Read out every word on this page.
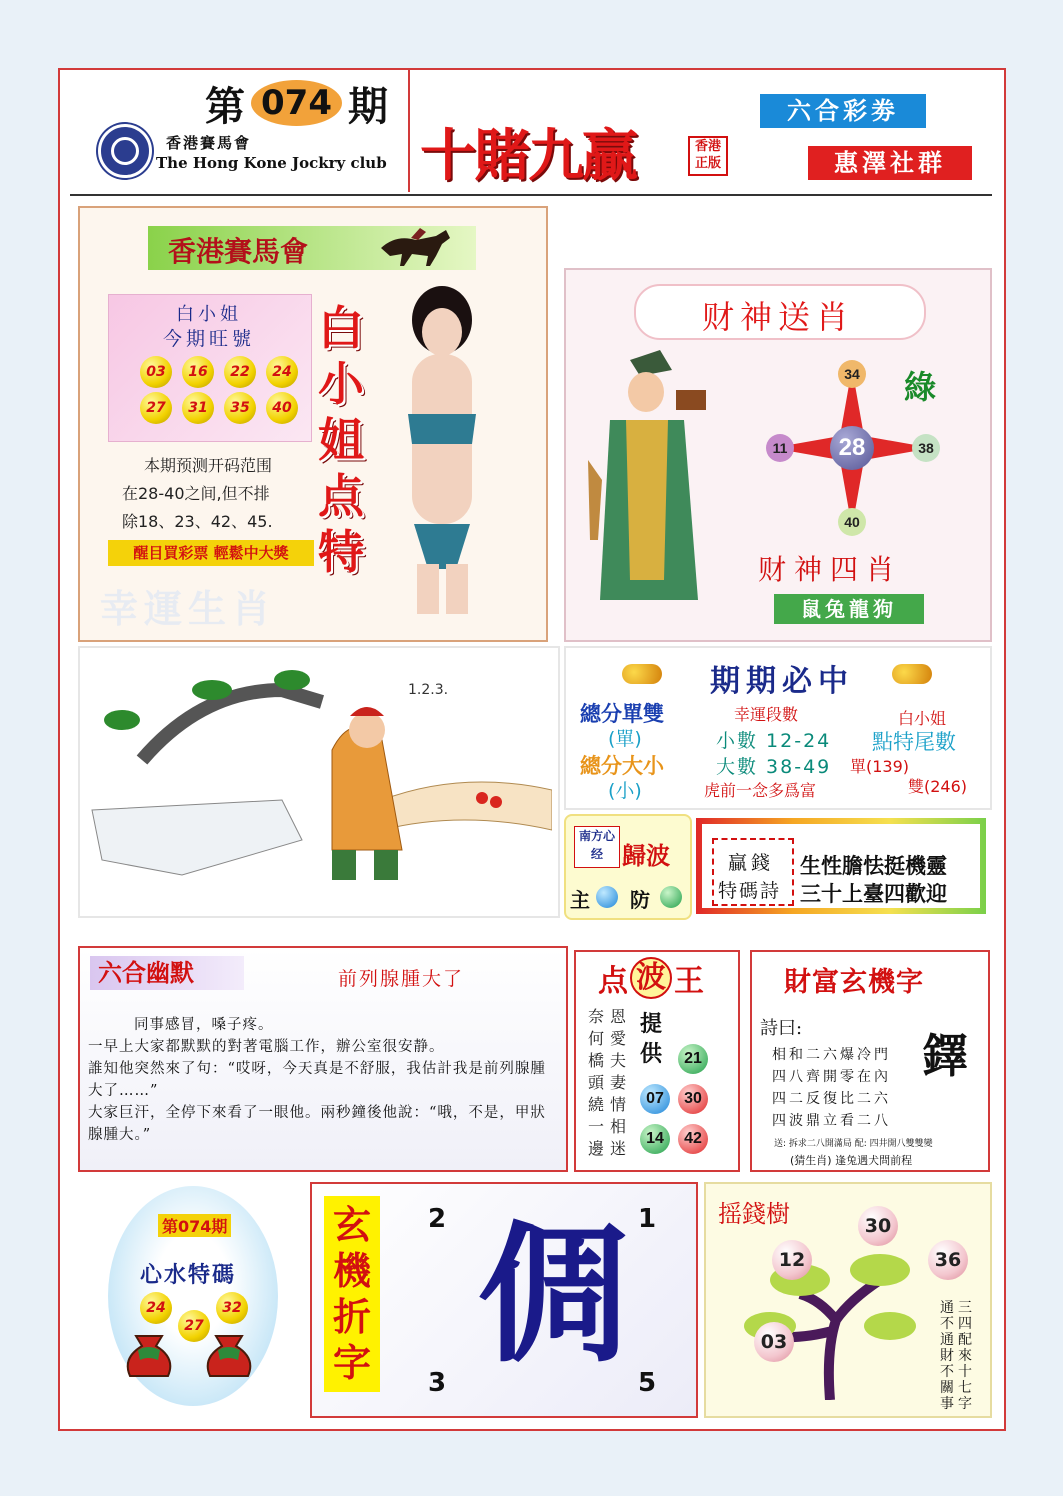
第 074 期
香港賽馬會
The Hong Kone Jockry club 十賭九贏	香港正版
六合彩劵
惠澤社群
香港賽馬會
白小姐
今期旺號
03	16	22	24
27	31	35	40
白小姐点特
本期预测开码范围
在28-40之间,但不排
除18、23、42、45.
醒目買彩票 輕鬆中大獎
幸運生肖
财神送肖
28
34
11	38
40
綠
财神四肖
鼠兔龍狗
1.2.3.	期期必中
總分單雙
(單)
總分大小
(小)
幸運段數
小數 12-24
大數 38-49
虎前一念多爲富
白小姐
點特尾數
單(139)
雙(246)
南方心经 歸波
主 防
贏錢
特碼詩
生性膽怯挺機靈
三十上臺四歡迎
六合幽默	前列腺腫大了
同事感冒，嗓子疼。
一早上大家都默默的對著電腦工作，辦公室很安静。
誰知他突然來了句：“哎呀，今天真是不舒服，我估計我是前列腺腫大了……”
大家巨汗，全停下來看了一眼他。兩秒鐘後他說：“哦，不是，甲狀腺腫大。”
点 波 王
奈何橋頭繞一邊
恩愛夫妻情相迷
提供	21
07	30
14	42
財富玄機字
詩曰:
鐸
相和二六爆冷門
四八齊開零在內
四二反復比二六
四波鼎立看二八
送: 拆求二八開滿局 配: 四井開八雙雙變
(猜生肖) 逢兔遇犬問前程
第074期
心水特碼
24
27
32
玄機折字 倜
2	1
3	5
摇錢樹	30
12	36
03
三四配來十七字
通不通財不關事
